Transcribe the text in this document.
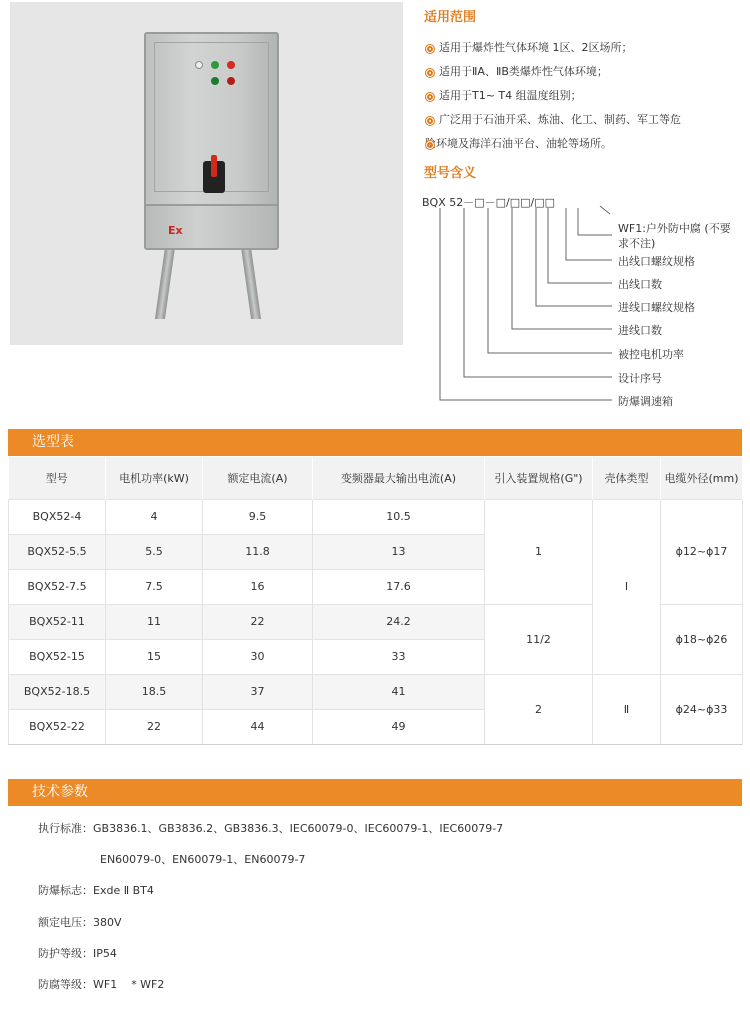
Ex
适用范围
适用于爆炸性气体环境 1区、2区场所；
适用于ⅡA、ⅡB类爆炸性气体环境；
适用于T1~ T4 组温度组别；
广泛用于石油开采、炼油、化工、制药、军工等危
险环境及海洋石油平台、油轮等场所。
型号含义
BQX 52－□－□/□□/□□
WF1:户外防中腐 (不要
求不注)
出线口螺纹规格
出线口数
进线口螺纹规格
进线口数
被控电机功率
设计序号
防爆调速箱
选型表
型号	电机功率(kW)	额定电流(A)	变频器最大输出电流(A)	引入装置规格(G")	壳体类型	电缆外径(mm)
BQX52-4	4	9.5	10.5	1	Ⅰ	ϕ12~ϕ17
BQX52-5.5	5.5	11.8	13			
BQX52-7.5	7.5	16	17.6			
BQX52-11	11	22	24.2	11/2		ϕ18~ϕ26
BQX52-15	15	30	33			
BQX52-18.5	18.5	37	41	2	Ⅱ	ϕ24~ϕ33
BQX52-22	22	44	49			
技术参数
执行标准：GB3836.1、GB3836.2、GB3836.3、IEC60079-0、IEC60079-1、IEC60079-7
EN60079-0、EN60079-1、EN60079-7
防爆标志：Exde Ⅱ BT4
额定电压：380V
防护等级：IP54
防腐等级：WF1    * WF2
